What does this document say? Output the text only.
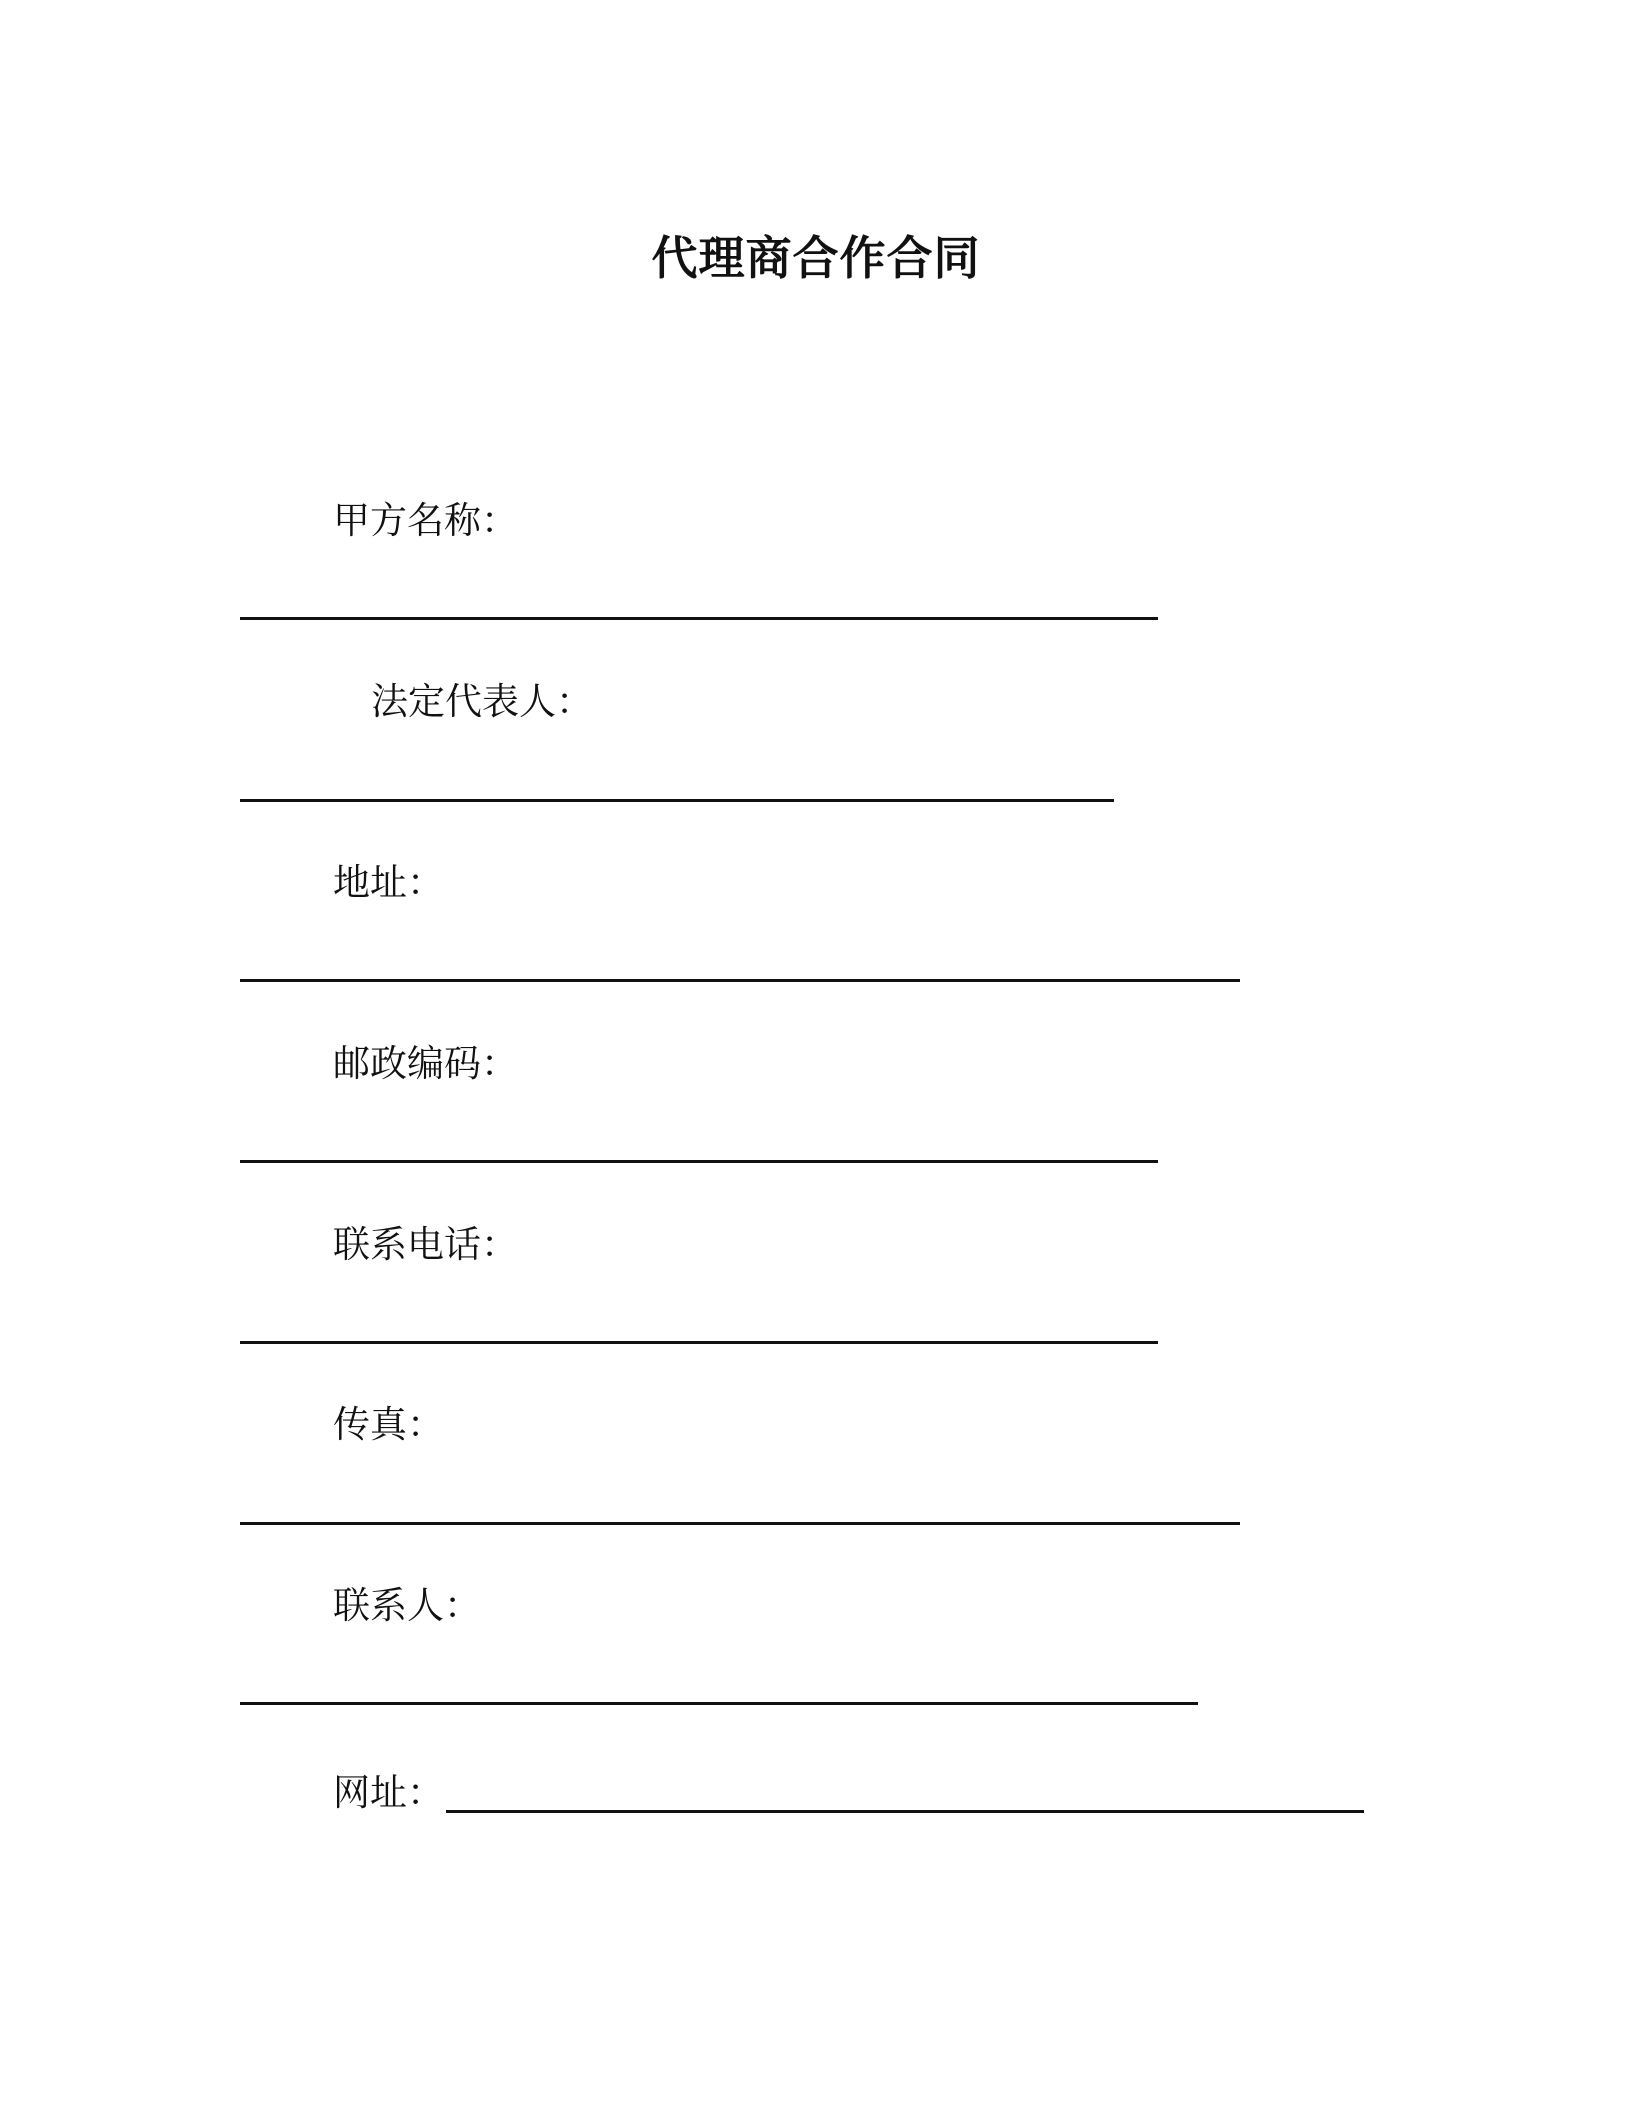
代理商合作合同
甲方名称：
法定代表人：
地址：
邮政编码：
联系电话：
传真：
联系人：
网址：
